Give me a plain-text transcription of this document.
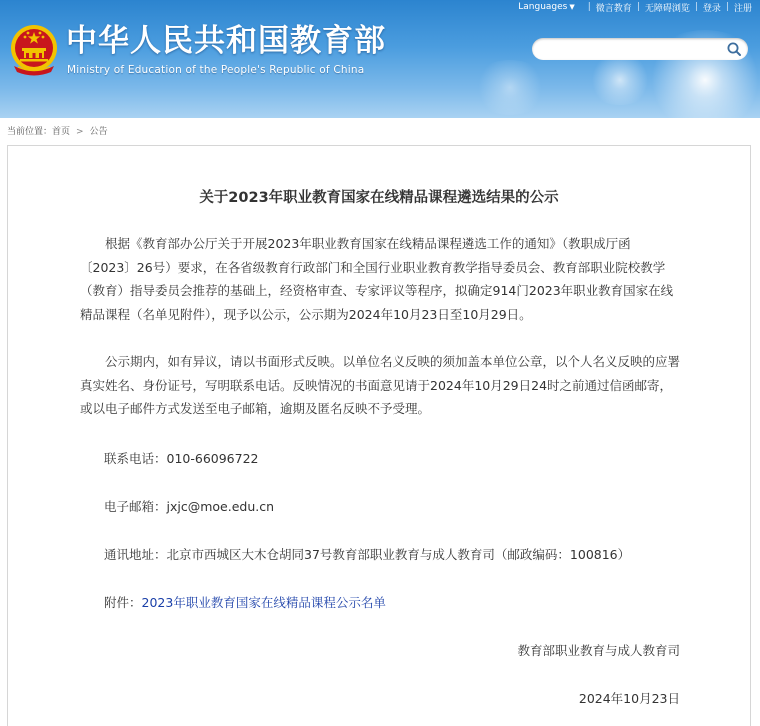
中华人民共和国教育部
Ministry of Education of the People's Republic of China
Languages ▼ | 微言教育 | 无障碍浏览 | 登录 | 注册
当前位置：首页 > 公告
关于2023年职业教育国家在线精品课程遴选结果的公示

根据《教育部办公厅关于开展2023年职业教育国家在线精品课程遴选工作的通知》（教职成厅函〔2023〕26号）要求，在各省级教育行政部门和全国行业职业教育教学指导委员会、教育部职业院校教学（教育）指导委员会推荐的基础上，经资格审查、专家评议等程序，拟确定914门2023年职业教育国家在线精品课程（名单见附件），现予以公示，公示期为2024年10月23日至10月29日。

公示期内，如有异议，请以书面形式反映。以单位名义反映的须加盖本单位公章，以个人名义反映的应署真实姓名、身份证号，写明联系电话。反映情况的书面意见请于2024年10月29日24时之前通过信函邮寄，或以电子邮件方式发送至电子邮箱，逾期及匿名反映不予受理。

联系电话：010-66096722

电子邮箱：jxjc@moe.edu.cn

通讯地址：北京市西城区大木仓胡同37号教育部职业教育与成人教育司（邮政编码：100816）

附件：2023年职业教育国家在线精品课程公示名单

教育部职业教育与成人教育司

2024年10月23日
